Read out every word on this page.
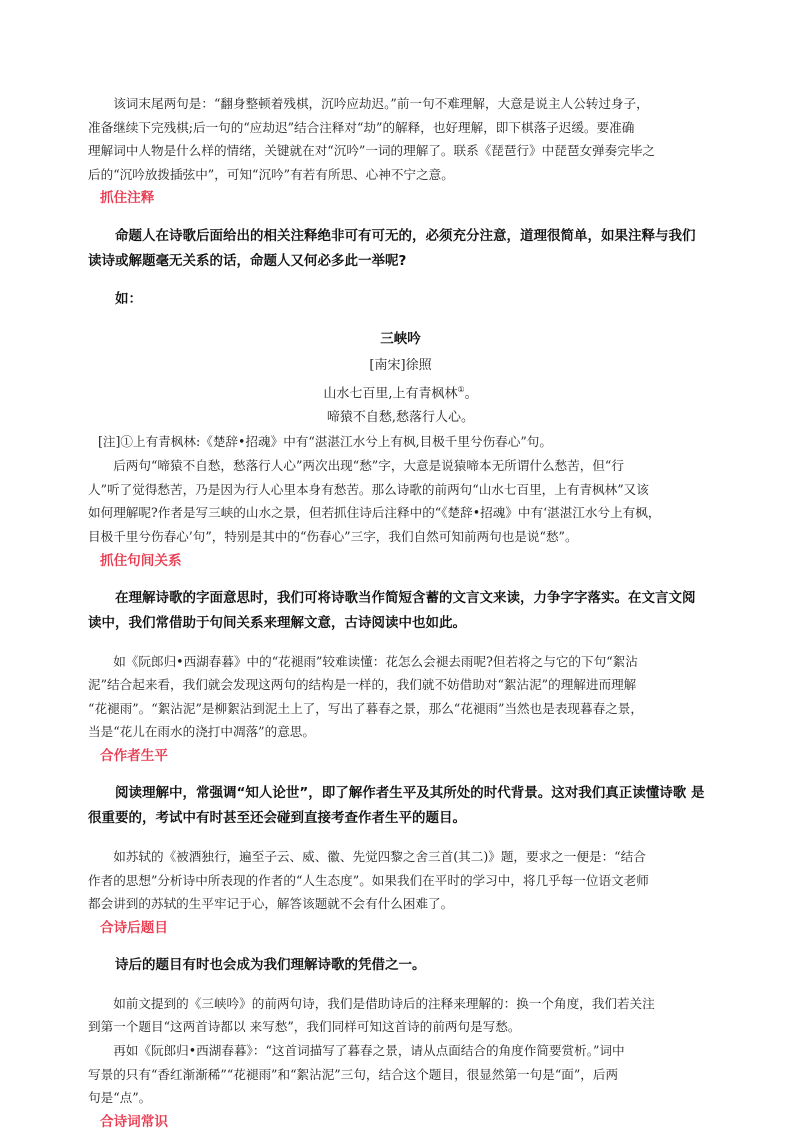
该词末尾两句是：“翻身整顿着残棋，沉吟应劫迟。”前一句不难理解，大意是说主人公转过身子，
准备继续下完残棋;后一句的“应劫迟”结合注释对“劫”的解释，也好理解，即下棋落子迟缓。要准确
理解词中人物是什么样的情绪，关键就在对“沉吟”一词的理解了。联系《琵琶行》中琵琶女弹奏完毕之
后的“沉吟放拨插弦中”，可知“沉吟”有若有所思、心神不宁之意。

抓住注释

命题人在诗歌后面给出的相关注释绝非可有可无的，必须充分注意，道理很简单，如果注释与我们 读诗或解题毫无关系的话，命题人又何必多此一举呢?

如：

三峡吟

[南宋]徐照

山水七百里,上有青枫林①。

啼猿不自愁,愁落行人心。

[注]①上有青枫林:《楚辞•招魂》中有“湛湛江水兮上有枫,目极千里兮伤春心”句。

后两句“啼猿不自愁，愁落行人心”两次出现“愁”字，大意是说猿啼本无所谓什么愁苦，但“行
人”听了觉得愁苦，乃是因为行人心里本身有愁苦。那么诗歌的前两句“山水七百里，上有青枫林”又该
如何理解呢?作者是写三峡的山水之景，但若抓住诗后注释中的“《楚辞•招魂》中有‘湛湛江水兮上有枫，
目极千里兮伤春心’句”，特别是其中的“伤春心”三字，我们自然可知前两句也是说“愁”。

抓住句间关系

在理解诗歌的字面意思时，我们可将诗歌当作简短含蓄的文言文来读，力争字字落实。在文言文阅 读中，我们常借助于句间关系来理解文意，古诗阅读中也如此。

如《阮郎归•西湖春暮》中的“花褪雨”较难读懂：花怎么会褪去雨呢?但若将之与它的下句“絮沾
泥”结合起来看，我们就会发现这两句的结构是一样的，我们就不妨借助对“絮沾泥”的理解进而理解
“花褪雨”。“絮沾泥”是柳絮沾到泥土上了，写出了暮春之景，那么“花褪雨”当然也是表现暮春之景，
当是“花儿在雨水的浇打中凋落”的意思。

合作者生平

阅读理解中，常强调“知人论世”，即了解作者生平及其所处的时代背景。这对我们真正读懂诗歌 是很重要的，考试中有时甚至还会碰到直接考查作者生平的题目。

如苏轼的《被酒独行，遍至子云、威、徽、先觉四黎之舍三首(其二)》题，要求之一便是：“结合
作者的思想”分析诗中所表现的作者的“人生态度”。如果我们在平时的学习中，将几乎每一位语文老师
都会讲到的苏轼的生平牢记于心，解答该题就不会有什么困难了。

合诗后题目

诗后的题目有时也会成为我们理解诗歌的凭借之一。

如前文提到的《三峡吟》的前两句诗，我们是借助诗后的注释来理解的：换一个角度，我们若关注
到第一个题目“这两首诗都以 来写愁”，我们同样可知这首诗的前两句是写愁。

再如《阮郎归•西湖春暮》：“这首词描写了暮春之景，请从点面结合的角度作简要赏析。”词中
写景的只有“香红渐渐稀”“花褪雨”和“絮沾泥”三句，结合这个题目，很显然第一句是“面”，后两
句是“点”。

合诗词常识
